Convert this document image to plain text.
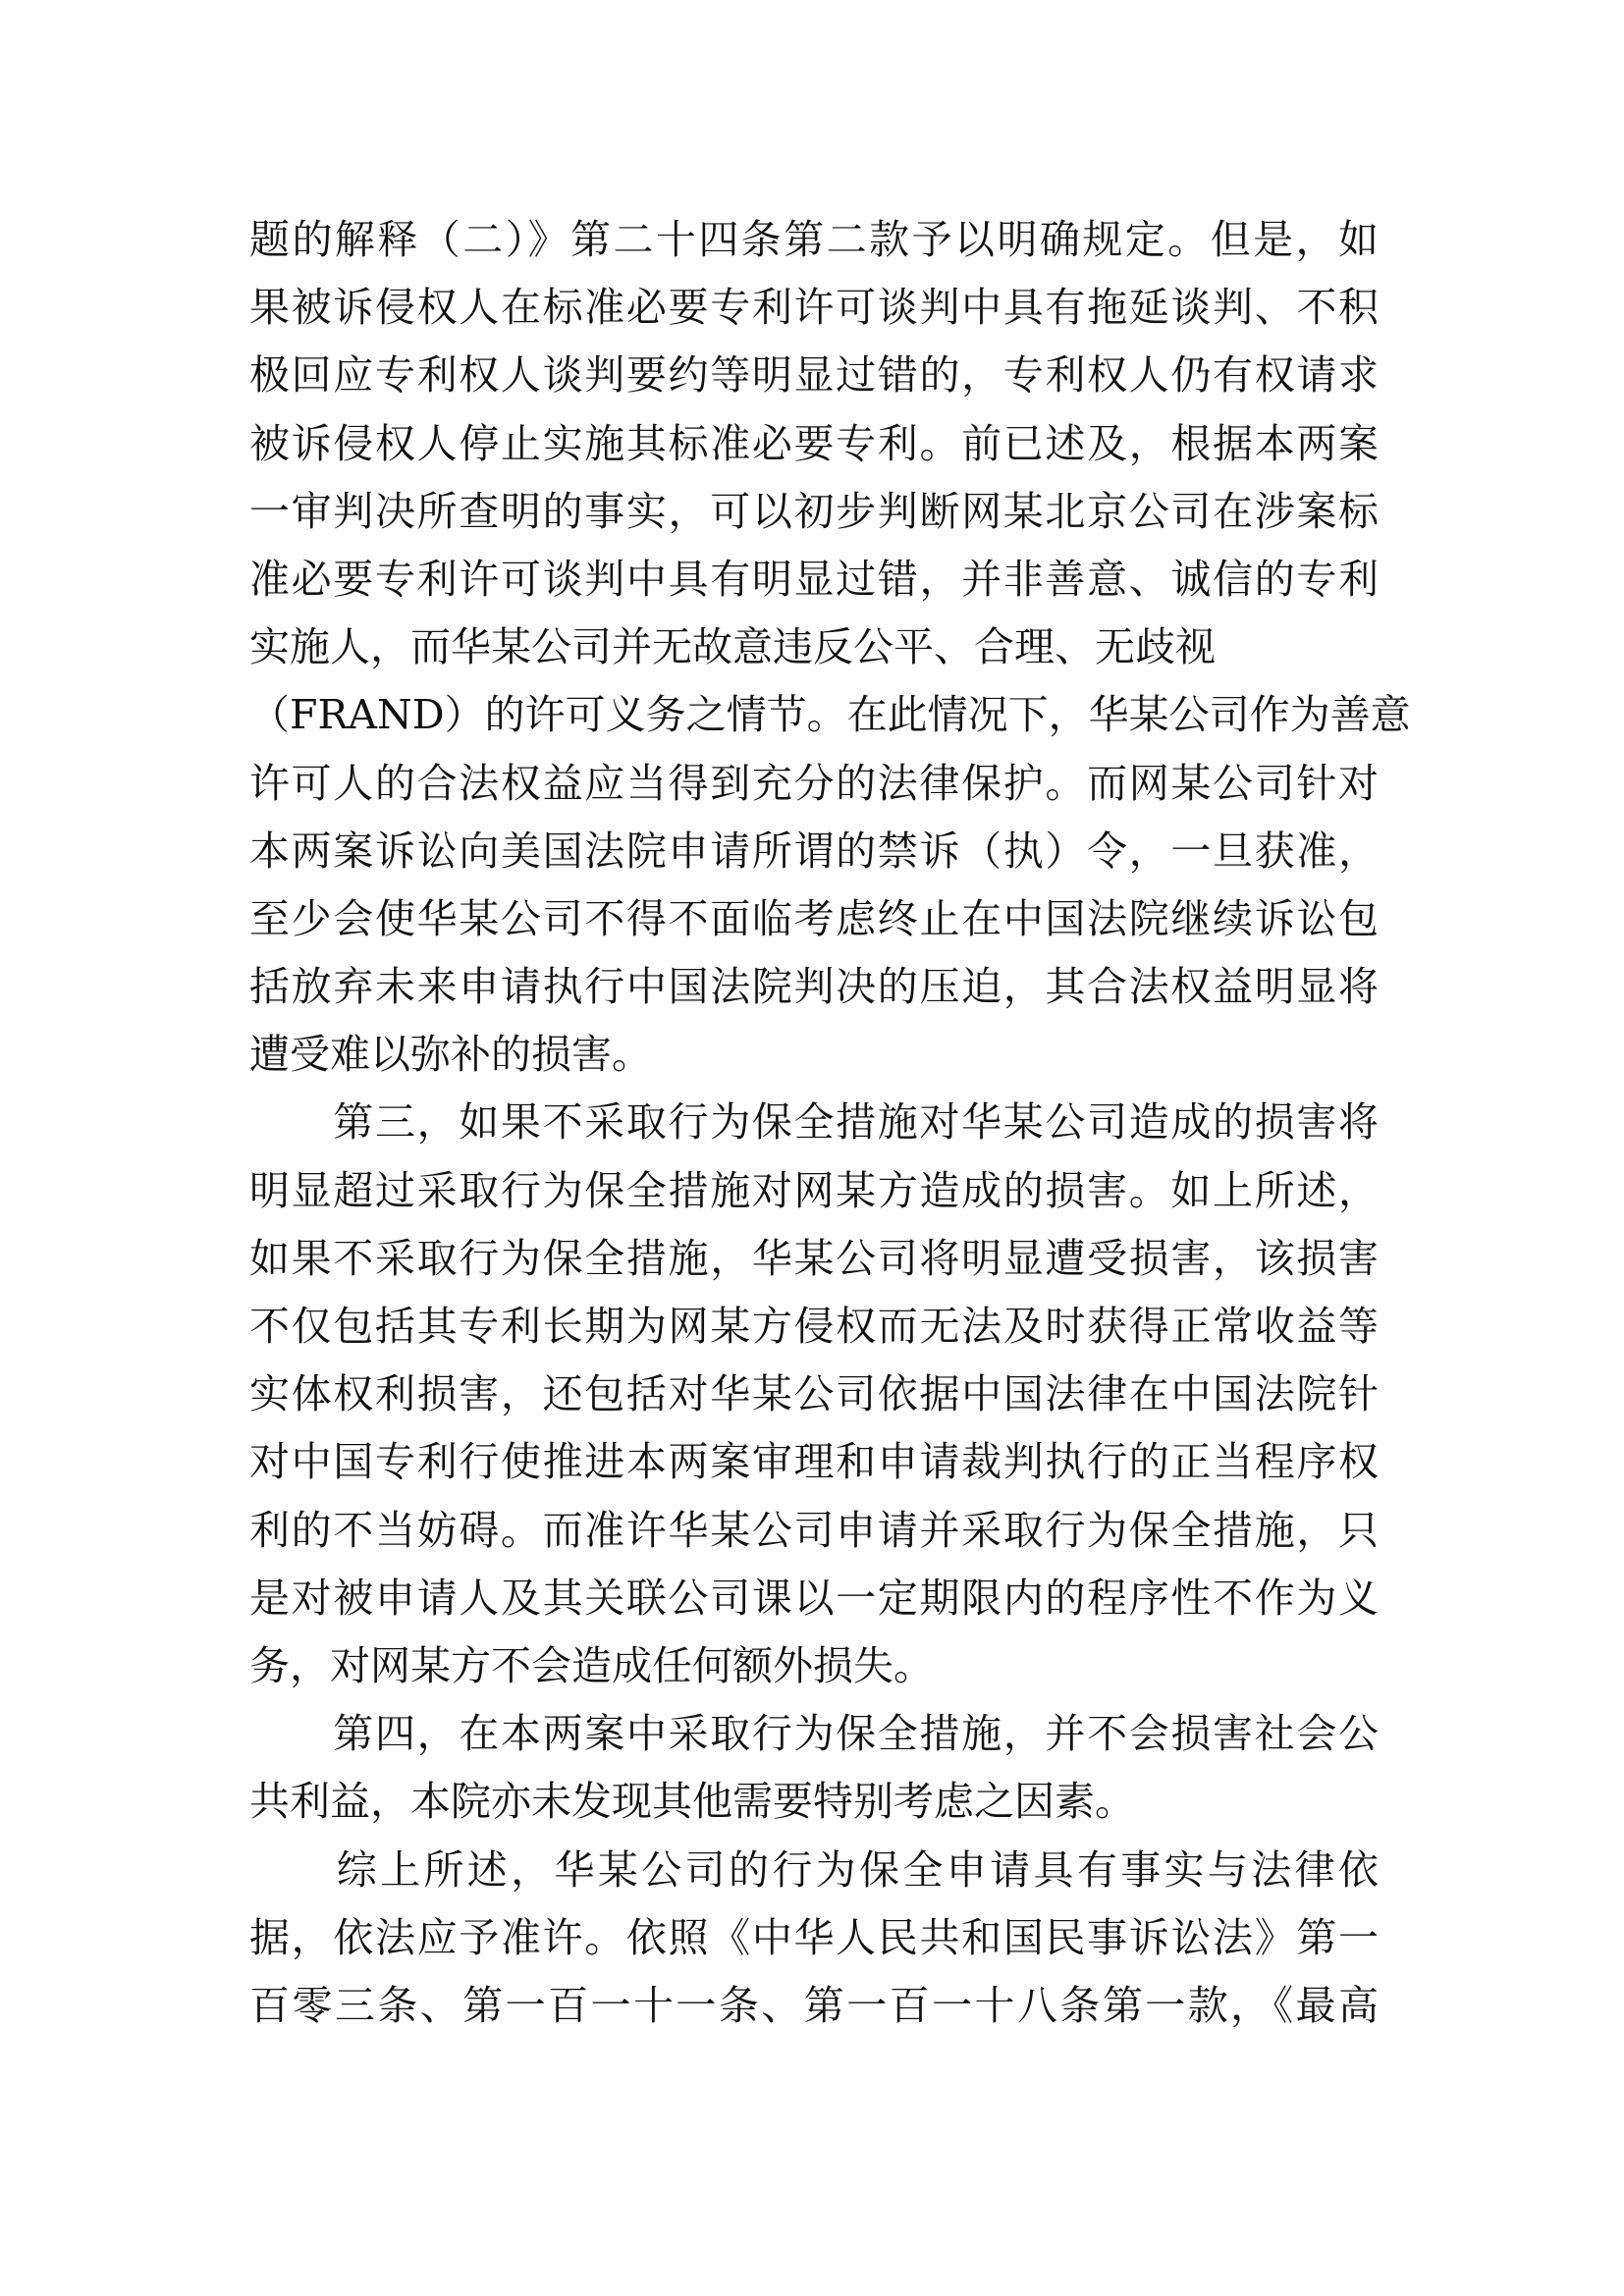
题的解释（二）》第二十四条第二款予以明确规定。但是，如
果被诉侵权人在标准必要专利许可谈判中具有拖延谈判、不积
极回应专利权人谈判要约等明显过错的，专利权人仍有权请求
被诉侵权人停止实施其标准必要专利。前已述及，根据本两案
一审判决所查明的事实，可以初步判断网某北京公司在涉案标
准必要专利许可谈判中具有明显过错，并非善意、诚信的专利
实施人，而华某公司并无故意违反公平、合理、无歧视
（FRAND）的许可义务之情节。在此情况下，华某公司作为善意
许可人的合法权益应当得到充分的法律保护。而网某公司针对
本两案诉讼向美国法院申请所谓的禁诉（执）令，一旦获准，
至少会使华某公司不得不面临考虑终止在中国法院继续诉讼包
括放弃未来申请执行中国法院判决的压迫，其合法权益明显将
遭受难以弥补的损害。
　　第三，如果不采取行为保全措施对华某公司造成的损害将
明显超过采取行为保全措施对网某方造成的损害。如上所述，
如果不采取行为保全措施，华某公司将明显遭受损害，该损害
不仅包括其专利长期为网某方侵权而无法及时获得正常收益等
实体权利损害，还包括对华某公司依据中国法律在中国法院针
对中国专利行使推进本两案审理和申请裁判执行的正当程序权
利的不当妨碍。而准许华某公司申请并采取行为保全措施，只
是对被申请人及其关联公司课以一定期限内的程序性不作为义
务，对网某方不会造成任何额外损失。
　　第四，在本两案中采取行为保全措施，并不会损害社会公
共利益，本院亦未发现其他需要特别考虑之因素。
　　综上所述，华某公司的行为保全申请具有事实与法律依
据，依法应予准许。依照《中华人民共和国民事诉讼法》第一
百零三条、第一百一十一条、第一百一十八条第一款，《最高
